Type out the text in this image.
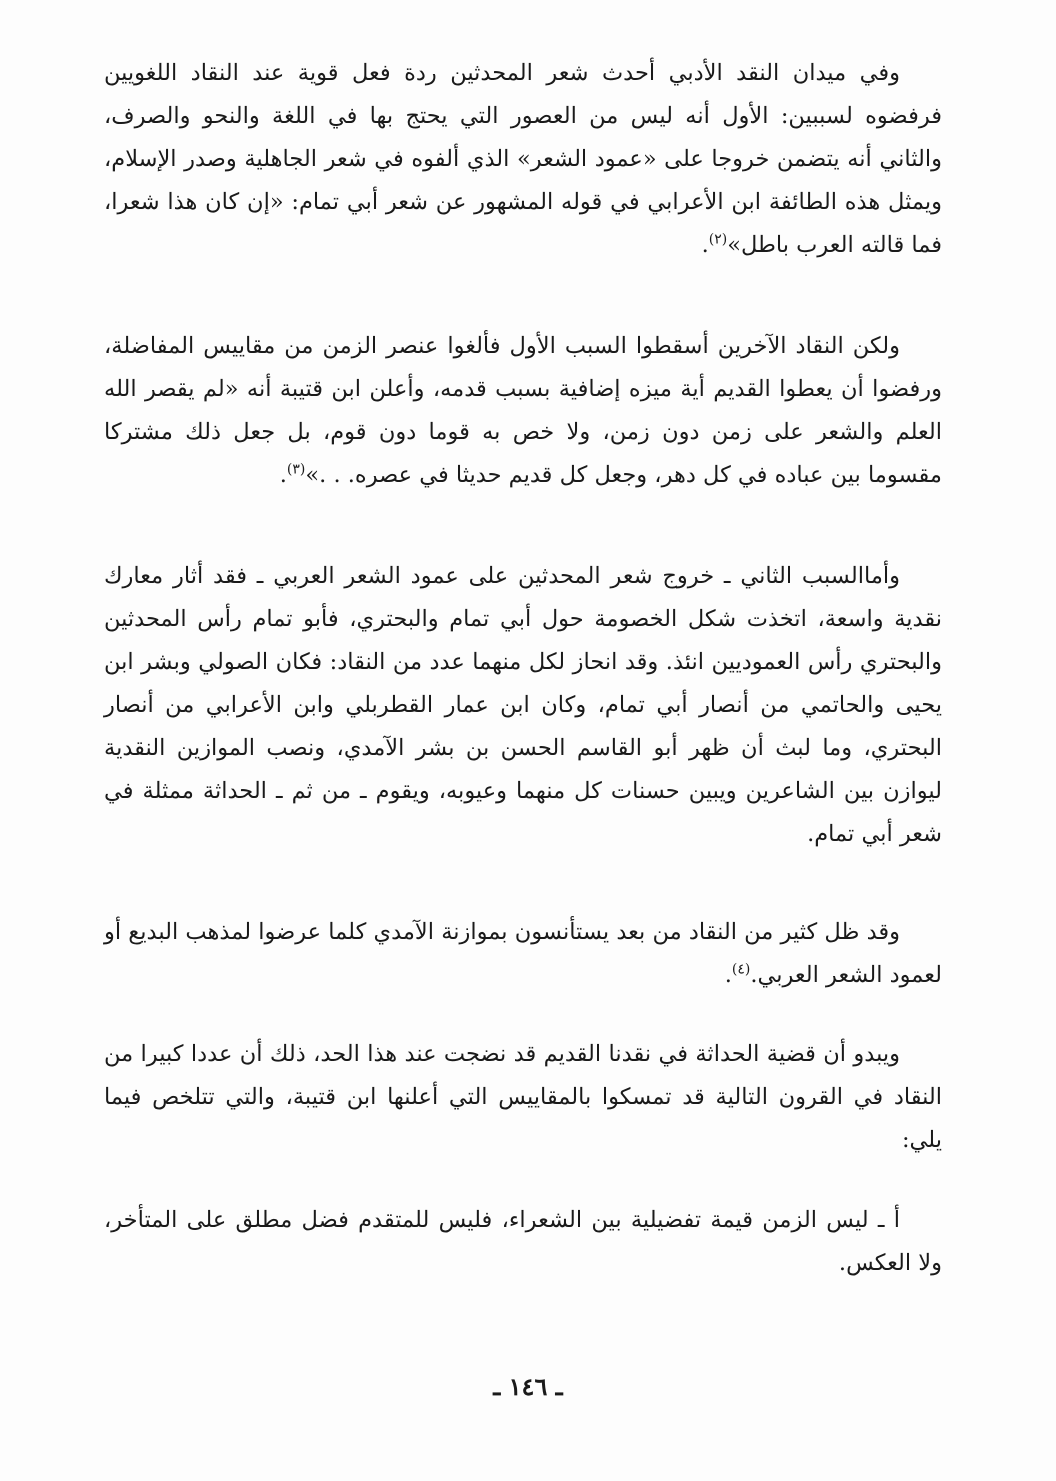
وفي ميدان النقد الأدبي أحدث شعر المحدثين ردة فعل قوية عند النقاد اللغويين فرفضوه لسببين: الأول أنه ليس من العصور التي يحتج بها في اللغة والنحو والصرف، والثاني أنه يتضمن خروجا على «عمود الشعر» الذي ألفوه في شعر الجاهلية وصدر الإسلام، ويمثل هذه الطائفة ابن الأعرابي في قوله المشهور عن شعر أبي تمام: «إن كان هذا شعرا، فما قالته العرب باطل»$^{(٢)}$.

ولكن النقاد الآخرين أسقطوا السبب الأول فألغوا عنصر الزمن من مقاييس المفاضلة، ورفضوا أن يعطوا القديم أية ميزه إضافية بسبب قدمه، وأعلن ابن قتيبة أنه «لم يقصر الله العلم والشعر على زمن دون زمن، ولا خص به قوما دون قوم، بل جعل ذلك مشتركا مقسوما بين عباده في كل دهر، وجعل كل قديم حديثا في عصره. . .»$^{(٣)}$.

وأماالسبب الثاني ـ خروج شعر المحدثين على عمود الشعر العربي ـ فقد أثار معارك نقدية واسعة، اتخذت شكل الخصومة حول أبي تمام والبحتري، فأبو تمام رأس المحدثين والبحتري رأس العموديين انئذ. وقد انحاز لكل منهما عدد من النقاد: فكان الصولي وبشر ابن يحيى والحاتمي من أنصار أبي تمام، وكان ابن عمار القطربلي وابن الأعرابي من أنصار البحتري، وما لبث أن ظهر أبو القاسم الحسن بن بشر الآمدي، ونصب الموازين النقدية ليوازن بين الشاعرين ويبين حسنات كل منهما وعيوبه، ويقوم ـ من ثم ـ الحداثة ممثلة في شعر أبي تمام.

وقد ظل كثير من النقاد من بعد يستأنسون بموازنة الآمدي كلما عرضوا لمذهب البديع أو لعمود الشعر العربي.$^{(٤)}$.

ويبدو أن قضية الحداثة في نقدنا القديم قد نضجت عند هذا الحد، ذلك أن عددا كبيرا من النقاد في القرون التالية قد تمسكوا بالمقاييس التي أعلنها ابن قتيبة، والتي تتلخص فيما يلي:

أ ـ ليس الزمن قيمة تفضيلية بين الشعراء، فليس للمتقدم فضل مطلق على المتأخر، ولا العكس.

ـ ١٤٦ ـ
